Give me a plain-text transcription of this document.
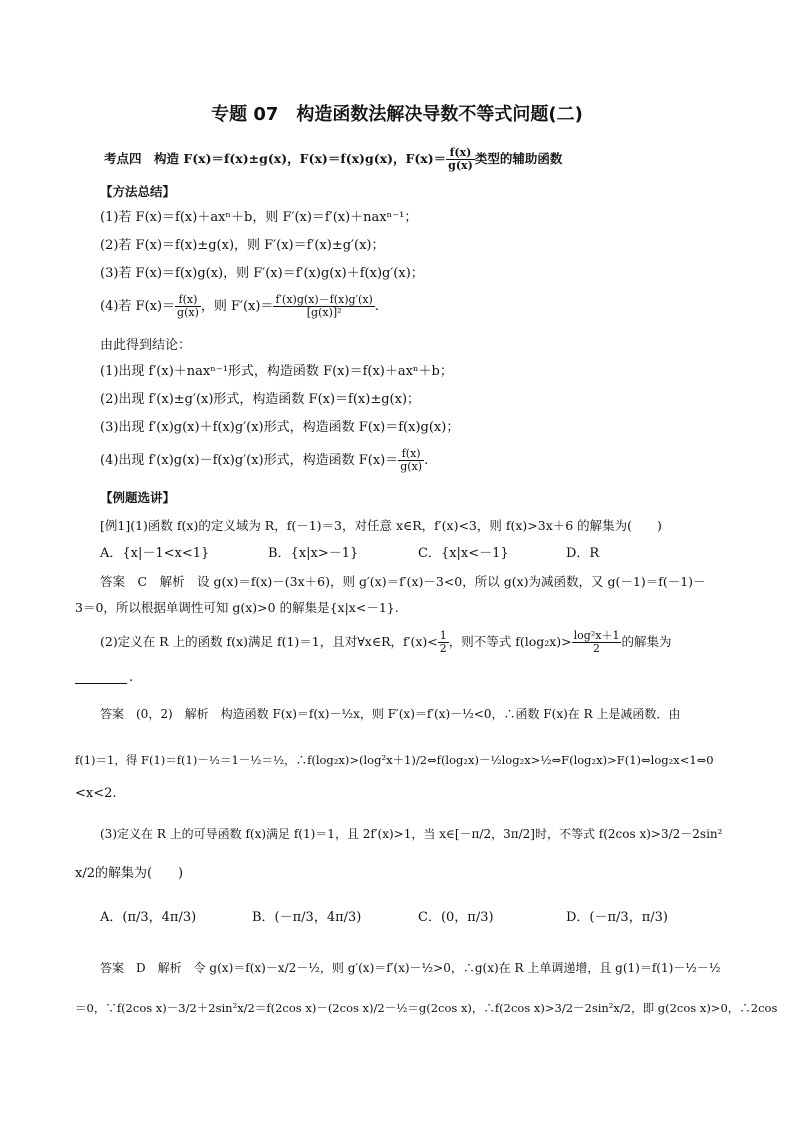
专题 07　构造函数法解决导数不等式问题(二)
考点四　构造 F(x)＝f(x)±g(x)，F(x)＝f(x)g(x)，$F(x)= \frac{f(x)}{g(x)}$ 类型的辅助函数
【方法总结】
(1)若 F(x)＝f(x)＋axⁿ＋b，则 F′(x)＝f′(x)＋naxⁿ⁻¹；
(2)若 F(x)＝f(x)±g(x)，则 F′(x)＝f′(x)±g′(x)；
(3)若 F(x)＝f(x)g(x)，则 F′(x)＝f′(x)g(x)＋f(x)g′(x)；
(4)若 $F(x)= \frac{f(x)}{g(x)}$ ，则 $F'(x)= \frac{f'(x)g(x)-f(x)g'(x)}{\text{[g(x)]²}}$ .
由此得到结论：
(1)出现 f′(x)＋naxⁿ⁻¹形式，构造函数 F(x)＝f(x)＋axⁿ＋b；
(2)出现 f′(x)±g′(x)形式，构造函数 F(x)＝f(x)±g(x)；
(3)出现 f′(x)g(x)＋f(x)g′(x)形式，构造函数 F(x)＝f(x)g(x)；
(4)出现 f′(x)g(x)－f(x)g′(x)形式，构造函数 $F(x)= \frac{f(x)}{g(x)}$ .
【例题选讲】
[例1](1)函数 f(x)的定义域为 R，f(－1)＝3，对任意 x∈R，f′(x)<3，则 f(x)>3x＋6 的解集为(　　)
A．{x|－1<x<1}	B．{x|x>－1}	C．{x|x<－1}	D．R
答案　C　解析　设 g(x)＝f(x)－(3x＋6)，则 g′(x)＝f′(x)－3<0，所以 g(x)为减函数，又 g(－1)＝f(－1)－
3＝0，所以根据单调性可知 g(x)>0 的解集是{x|x<－1}.
(2)定义在 R 上的函数 f(x)满足 f(1)＝1，且对∀x∈R，$f'(x)< \frac{1}{2}$ ，则不等式 $f(\log_2x)> \frac{\text{log²x＋1}}{2}$ 的解集为
.
答案　(0，2)　解析　构造函数 F(x)＝f(x)－½x，则 F′(x)＝f′(x)－½<0，∴函数 F(x)在 R 上是减函数．由
f(1)＝1，得 F(1)＝f(1)－½＝1－½＝½，∴f(log₂x)>(log²x＋1)/2⇔f(log₂x)－½log₂x>½⇔F(log₂x)>F(1)⇔log₂x<1⇔0
<x<2.
(3)定义在 R 上的可导函数 f(x)满足 f(1)＝1，且 2f′(x)>1，当 x∈[－π/2，3π/2]时，不等式 f(2cos x)>3/2－2sin²
x/2的解集为(　　)
A．(π/3，4π/3)	B．(－π/3，4π/3)	C．(0，π/3)	D．(－π/3，π/3)
答案　D　解析　令 g(x)＝f(x)－x/2－½，则 g′(x)＝f′(x)－½>0，∴g(x)在 R 上单调递增，且 g(1)＝f(1)－½－½
＝0，∵f(2cos x)－3/2＋2sin²x/2＝f(2cos x)－(2cos x)/2－½＝g(2cos x)，∴f(2cos x)>3/2－2sin²x/2，即 g(2cos x)>0，∴2cos
